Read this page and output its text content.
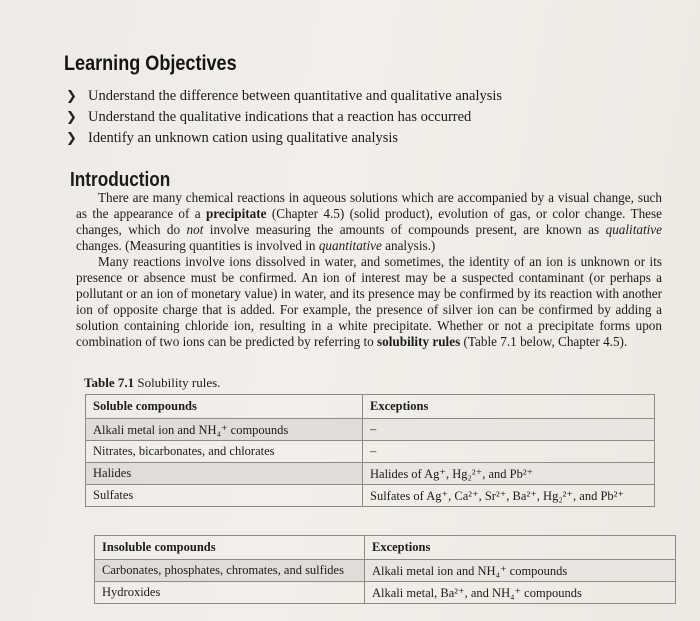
Learning Objectives
❯ Understand the difference between quantitative and qualitative analysis
❯ Understand the qualitative indications that a reaction has occurred
❯ Identify an unknown cation using qualitative analysis
Introduction

There are many chemical reactions in aqueous solutions which are accompanied by a visual change, such as the appearance of a precipitate (Chapter 4.5) (solid product), evolution of gas, or color change. These changes, which do not involve measuring the amounts of compounds present, are known as qualitative changes. (Measuring quantities is involved in quantitative analysis.)

Many reactions involve ions dissolved in water, and sometimes, the identity of an ion is unknown or its presence or absence must be confirmed. An ion of interest may be a suspected contaminant (or perhaps a pollutant or an ion of monetary value) in water, and its presence may be confirmed by its reaction with another ion of opposite charge that is added. For example, the presence of silver ion can be confirmed by adding a solution containing chloride ion, resulting in a white precipitate. Whether or not a precipitate forms upon combination of two ions can be predicted by referring to solubility rules (Table 7.1 below, Chapter 4.5).

Table 7.1 Solubility rules.
Soluble compounds	Exceptions
Alkali metal ion and NH₄⁺ compounds	–
Nitrates, bicarbonates, and chlorates	–
Halides	Halides of Ag⁺, Hg₂²⁺, and Pb²⁺
Sulfates	Sulfates of Ag⁺, Ca²⁺, Sr²⁺, Ba²⁺, Hg₂²⁺, and Pb²⁺
Insoluble compounds	Exceptions
Carbonates, phosphates, chromates, and sulfides	Alkali metal ion and NH₄⁺ compounds
Hydroxides	Alkali metal, Ba²⁺, and NH₄⁺ compounds
